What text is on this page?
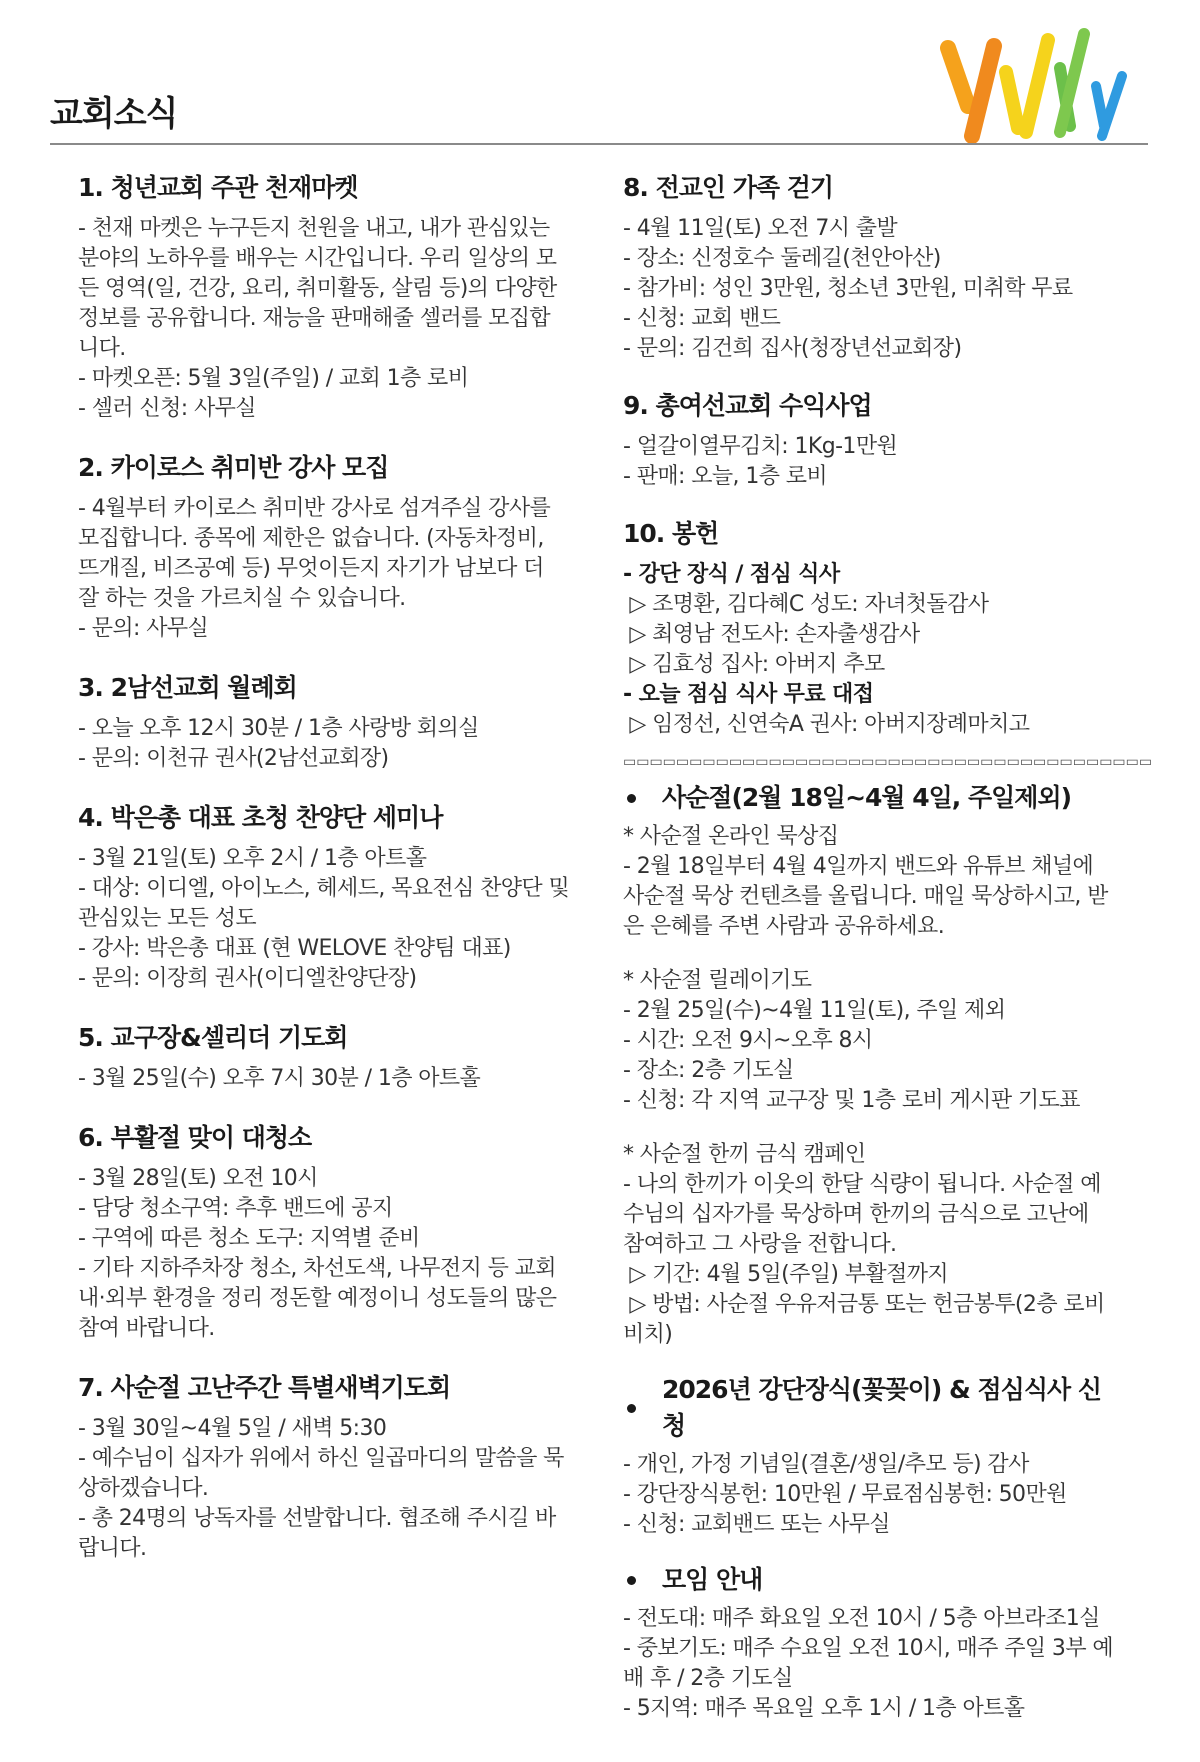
교회소식
1. 청년교회 주관 천재마켓
- 천재 마켓은 누구든지 천원을 내고, 내가 관심있는
분야의 노하우를 배우는 시간입니다. 우리 일상의 모
든 영역(일, 건강, 요리, 취미활동, 살림 등)의 다양한
정보를 공유합니다. 재능을 판매해줄 셀러를 모집합
니다.
- 마켓오픈: 5월 3일(주일) / 교회 1층 로비
- 셀러 신청: 사무실
2. 카이로스 취미반 강사 모집
- 4월부터 카이로스 취미반 강사로 섬겨주실 강사를
모집합니다. 종목에 제한은 없습니다. (자동차정비,
뜨개질, 비즈공예 등) 무엇이든지 자기가 남보다 더
잘 하는 것을 가르치실 수 있습니다.
- 문의: 사무실
3. 2남선교회 월례회
- 오늘 오후 12시 30분 / 1층 사랑방 회의실
- 문의: 이천규 권사(2남선교회장)
4. 박은총 대표 초청 찬양단 세미나
- 3월 21일(토) 오후 2시 / 1층 아트홀
- 대상: 이디엘, 아이노스, 헤세드, 목요전심 찬양단 및
관심있는 모든 성도
- 강사: 박은총 대표 (현 WELOVE 찬양팀 대표)
- 문의: 이장희 권사(이디엘찬양단장)
5. 교구장&셀리더 기도회
- 3월 25일(수) 오후 7시 30분 / 1층 아트홀
6. 부활절 맞이 대청소
- 3월 28일(토) 오전 10시
- 담당 청소구역: 추후 밴드에 공지
- 구역에 따른 청소 도구: 지역별 준비
- 기타 지하주차장 청소, 차선도색, 나무전지 등 교회
내·외부 환경을 정리 정돈할 예정이니 성도들의 많은
참여 바랍니다.
7. 사순절 고난주간 특별새벽기도회
- 3월 30일~4월 5일 / 새벽 5:30
- 예수님이 십자가 위에서 하신 일곱마디의 말씀을 묵
상하겠습니다.
- 총 24명의 낭독자를 선발합니다. 협조해 주시길 바
랍니다.
8. 전교인 가족 걷기
- 4월 11일(토) 오전 7시 출발
- 장소: 신정호수 둘레길(천안아산)
- 참가비: 성인 3만원, 청소년 3만원, 미취학 무료
- 신청: 교회 밴드
- 문의: 김건희 집사(청장년선교회장)
9. 총여선교회 수익사업
- 얼갈이열무김치: 1Kg-1만원
- 판매: 오늘, 1층 로비
10. 봉헌
- 강단 장식 / 점심 식사
▷ 조명환, 김다혜C 성도: 자녀첫돌감사
▷ 최영남 전도사: 손자출생감사
▷ 김효성 집사: 아버지 추모
- 오늘 점심 식사 무료 대접
▷ 임정선, 신연숙A 권사: 아버지장례마치고
▭▭▭▭▭▭▭▭▭▭▭▭▭▭▭▭▭▭▭▭▭▭▭▭▭▭▭▭▭▭▭▭▭▭▭▭▭▭▭▭
사순절(2월 18일~4월 4일, 주일제외)
* 사순절 온라인 묵상집
- 2월 18일부터 4월 4일까지 밴드와 유튜브 채널에
사순절 묵상 컨텐츠를 올립니다. 매일 묵상하시고, 받
은 은혜를 주변 사람과 공유하세요.
* 사순절 릴레이기도
- 2월 25일(수)~4월 11일(토), 주일 제외
- 시간: 오전 9시~오후 8시
- 장소: 2층 기도실
- 신청: 각 지역 교구장 및 1층 로비 게시판 기도표
* 사순절 한끼 금식 캠페인
- 나의 한끼가 이웃의 한달 식량이 됩니다. 사순절 예
수님의 십자가를 묵상하며 한끼의 금식으로 고난에
참여하고 그 사랑을 전합니다.
▷ 기간: 4월 5일(주일) 부활절까지
▷ 방법: 사순절 우유저금통 또는 헌금봉투(2층 로비
비치)
2026년 강단장식(꽃꽂이) & 점심식사 신청
- 개인, 가정 기념일(결혼/생일/추모 등) 감사
- 강단장식봉헌: 10만원 / 무료점심봉헌: 50만원
- 신청: 교회밴드 또는 사무실
모임 안내
- 전도대: 매주 화요일 오전 10시 / 5층 아브라조1실
- 중보기도: 매주 수요일 오전 10시, 매주 주일 3부 예
배 후 / 2층 기도실
- 5지역: 매주 목요일 오후 1시 / 1층 아트홀
